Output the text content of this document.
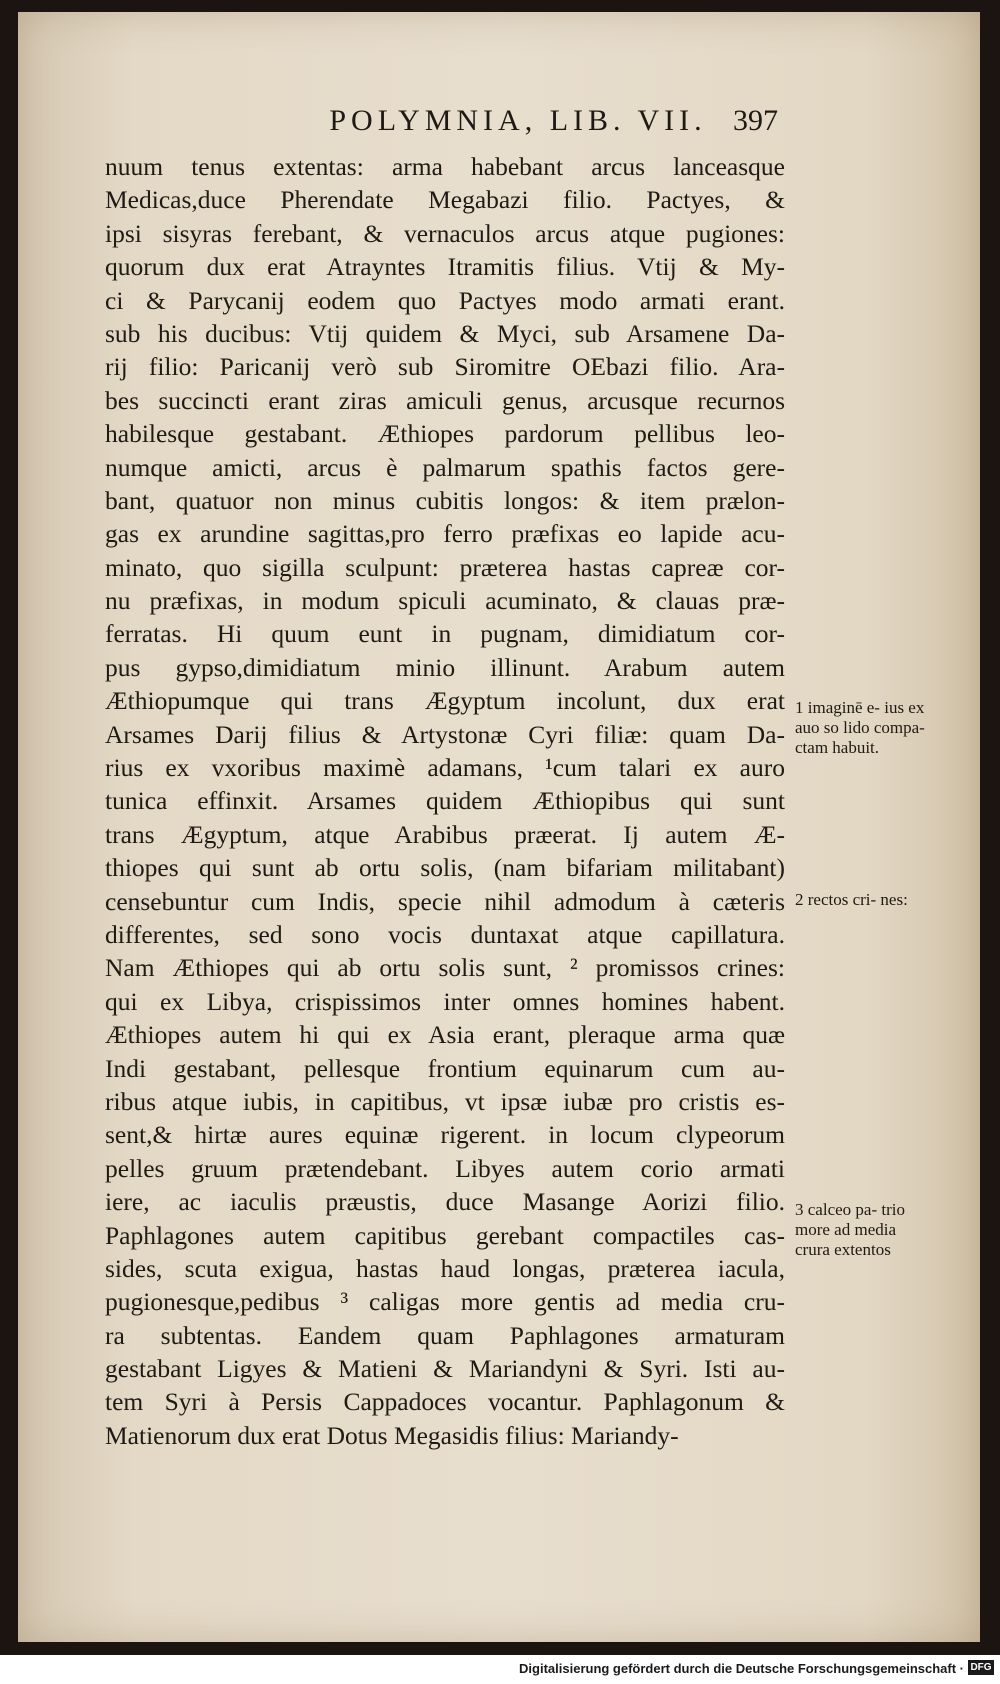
POLYMNIA, LIB. VII. 397
nuum tenus extentas: arma habebant arcus lanceasque
Medicas,duce Pherendate Megabazi filio. Pactyes, &
ipsi sisyras ferebant, & vernaculos arcus atque pugiones:
quorum dux erat Atrayntes Itramitis filius. Vtij & My-
ci & Parycanij eodem quo Pactyes modo armati erant.
sub his ducibus: Vtij quidem & Myci, sub Arsamene Da-
rij filio: Paricanij verò sub Siromitre OEbazi filio. Ara-
bes succincti erant ziras amiculi genus, arcusque recurnos
habilesque gestabant. Æthiopes pardorum pellibus leo-
numque amicti, arcus è palmarum spathis factos gere-
bant, quatuor non minus cubitis longos: & item prælon-
gas ex arundine sagittas,pro ferro præfixas eo lapide acu-
minato, quo sigilla sculpunt: præterea hastas capreæ cor-
nu præfixas, in modum spiculi acuminato, & clauas præ-
ferratas. Hi quum eunt in pugnam, dimidiatum cor-
pus gypso,dimidiatum minio illinunt. Arabum autem
Æthiopumque qui trans Ægyptum incolunt, dux erat
Arsames Darij filius & Artystonæ Cyri filiæ: quam Da-
rius ex vxoribus maximè adamans, ¹cum talari ex auro
tunica effinxit. Arsames quidem Æthiopibus qui sunt
trans Ægyptum, atque Arabibus præerat. Ij autem Æ-
thiopes qui sunt ab ortu solis, (nam bifariam militabant)
censebuntur cum Indis, specie nihil admodum à cæteris
differentes, sed sono vocis duntaxat atque capillatura.
Nam Æthiopes qui ab ortu solis sunt, ² promissos crines:
qui ex Libya, crispissimos inter omnes homines habent.
Æthiopes autem hi qui ex Asia erant, pleraque arma quæ
Indi gestabant, pellesque frontium equinarum cum au-
ribus atque iubis, in capitibus, vt ipsæ iubæ pro cristis es-
sent,& hirtæ aures equinæ rigerent. in locum clypeorum
pelles gruum prætendebant. Libyes autem corio armati
iere, ac iaculis præustis, duce Masange Aorizi filio.
Paphlagones autem capitibus gerebant compactiles cas-
sides, scuta exigua, hastas haud longas, præterea iacula,
pugionesque,pedibus ³ caligas more gentis ad media cru-
ra subtentas. Eandem quam Paphlagones armaturam
gestabant Ligyes & Matieni & Mariandyni & Syri. Isti au-
tem Syri à Persis Cappadoces vocantur. Paphlagonum &
Matienorum dux erat Dotus Megasidis filius: Mariandy-
1 imaginē e- ius ex auo so lido compa- ctam habuit.
2 rectos cri- nes:
3 calceo pa- trio more ad media crura extentos
Digitalisierung gefördert durch die Deutsche Forschungsgemeinschaft · DFG
